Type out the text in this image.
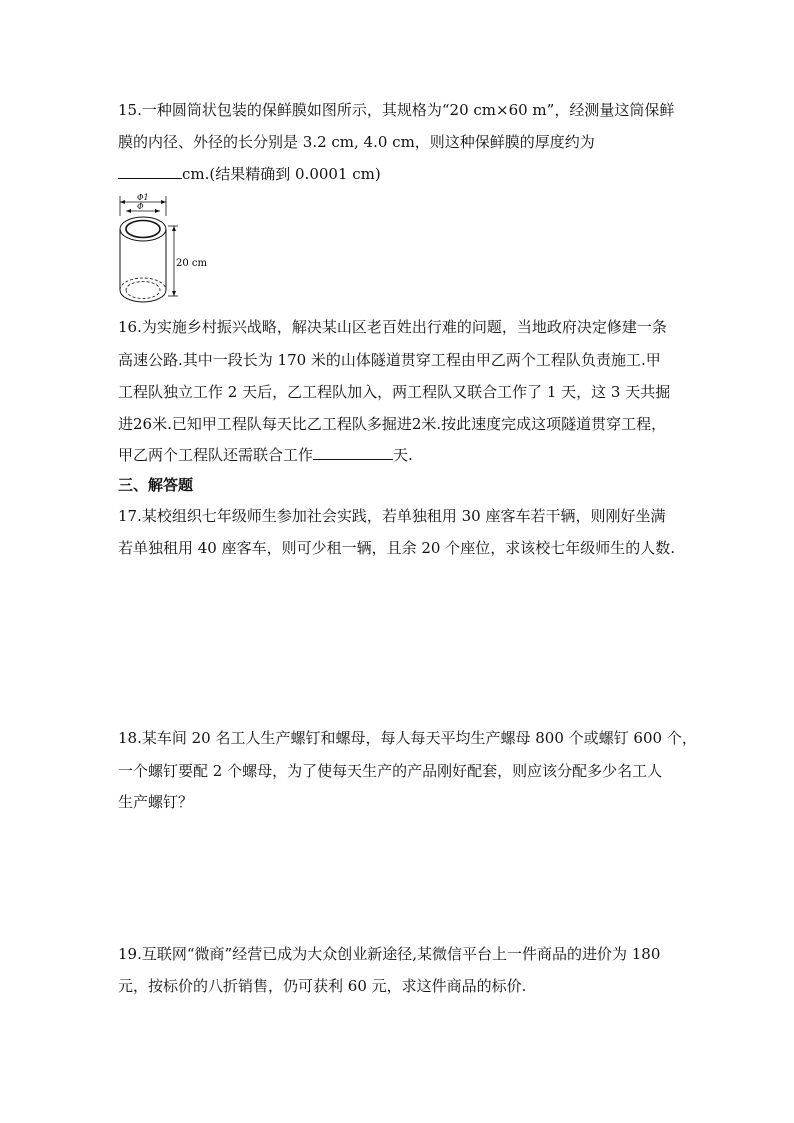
15.一种圆筒状包装的保鲜膜如图所示，其规格为“20 cm×60 m”，经测量这筒保鲜
膜的内径、外径的长分别是 3.2 cm, 4.0 cm，则这种保鲜膜的厚度约为
cm.(结果精确到 0.0001 cm)
Φ1
Φ
20 cm
16.为实施乡村振兴战略，解决某山区老百姓出行难的问题，当地政府决定修建一条
高速公路.其中一段长为 170 米的山体隧道贯穿工程由甲乙两个工程队负责施工.甲
工程队独立工作 2 天后，乙工程队加入，两工程队又联合工作了 1 天，这 3 天共掘
进26米.已知甲工程队每天比乙工程队多掘进2米.按此速度完成这项隧道贯穿工程，
甲乙两个工程队还需联合工作	天.
三、解答题
17.某校组织七年级师生参加社会实践，若单独租用 30 座客车若干辆，则刚好坐满
若单独租用 40 座客车，则可少租一辆，且余 20 个座位，求该校七年级师生的人数.
18.某车间 20 名工人生产螺钉和螺母，每人每天平均生产螺母 800 个或螺钉 600 个，
一个螺钉要配 2 个螺母，为了使每天生产的产品刚好配套，则应该分配多少名工人
生产螺钉？
19.互联网“微商”经营已成为大众创业新途径,某微信平台上一件商品的进价为 180
元，按标价的八折销售，仍可获利 60 元，求这件商品的标价.
